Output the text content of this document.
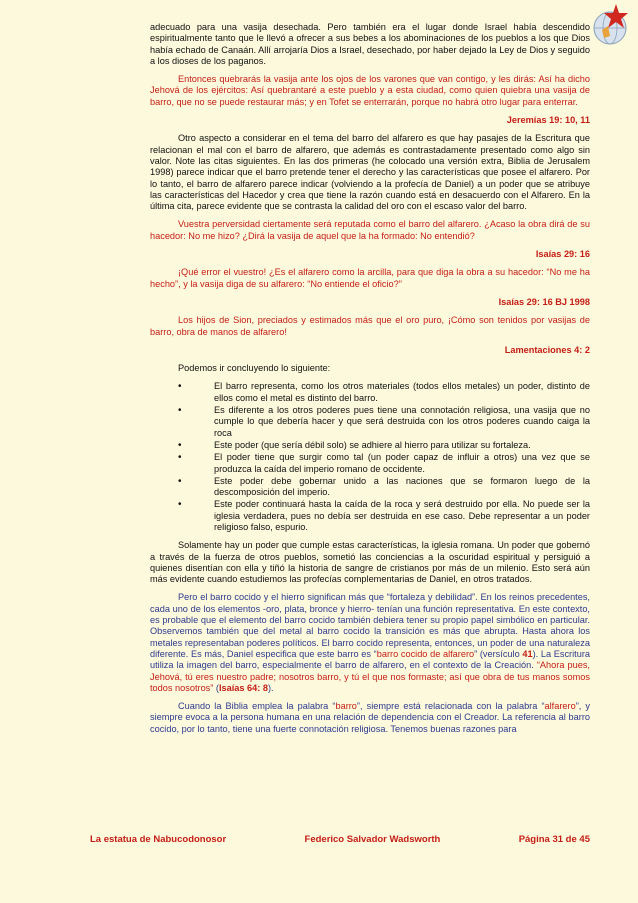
adecuado para una vasija desechada. Pero también era el lugar donde Israel había descendido espiritualmente tanto que le llevó a ofrecer a sus bebes a los abominaciones de los pueblos a los que Dios había echado de Canaán. Allí arrojaría Dios a Israel, desechado, por haber dejado la Ley de Dios y seguido a los dioses de los paganos.

Entonces quebrarás la vasija ante los ojos de los varones que van contigo, y les dirás: Así ha dicho Jehová de los ejércitos: Así quebrantaré a este pueblo y a esta ciudad, como quien quiebra una vasija de barro, que no se puede restaurar más; y en Tofet se enterrarán, porque no habrá otro lugar para enterrar.

Jeremías 19: 10, 11

Otro aspecto a considerar en el tema del barro del alfarero es que hay pasajes de la Escritura que relacionan el mal con el barro de alfarero, que además es contrastadamente presentado como algo sin valor. Note las citas siguientes. En las dos primeras (he colocado una versión extra, Biblia de Jerusalem 1998) parece indicar que el barro pretende tener el derecho y las características que posee el alfarero. Por lo tanto, el barro de alfarero parece indicar (volviendo a la profecía de Daniel) a un poder que se atribuye las características del Hacedor y crea que tiene la razón cuando está en desacuerdo con el Alfarero. En la última cita, parece evidente que se contrasta la calidad del oro con el escaso valor del barro.

Vuestra perversidad ciertamente será reputada como el barro del alfarero. ¿Acaso la obra dirá de su hacedor: No me hizo? ¿Dirá la vasija de aquel que la ha formado: No entendió?

Isaías 29: 16

¡Qué error el vuestro! ¿Es el alfarero como la arcilla, para que diga la obra a su hacedor: “No me ha hecho”, y la vasija diga de su alfarero: “No entiende el oficio?”

Isaías 29: 16 BJ 1998

Los hijos de Sion, preciados y estimados más que el oro puro, ¡Cómo son tenidos por vasijas de barro, obra de manos de alfarero!

Lamentaciones 4: 2

Podemos ir concluyendo lo siguiente:

• El barro representa, como los otros materiales (todos ellos metales) un poder, distinto de ellos como el metal es distinto del barro.
• Es diferente a los otros poderes pues tiene una connotación religiosa, una vasija que no cumple lo que debería hacer y que será destruida con los otros poderes cuando caiga la roca
• Este poder (que sería débil solo) se adhiere al hierro para utilizar su fortaleza.
• El poder tiene que surgir como tal (un poder capaz de influir a otros) una vez que se produzca la caída del imperio romano de occidente.
• Este poder debe gobernar unido a las naciones que se formaron luego de la descomposición del imperio.
• Este poder continuará hasta la caída de la roca y será destruido por ella. No puede ser la iglesia verdadera, pues no debía ser destruida en ese caso. Debe representar a un poder religioso falso, espurio.

Solamente hay un poder que cumple estas características, la iglesia romana. Un poder que gobernó a través de la fuerza de otros pueblos, sometió las conciencias a la oscuridad espiritual y persiguió a quienes disentían con ella y tiñó la historia de sangre de cristianos por más de un milenio. Esto será aún más evidente cuando estudiemos las profecías complementarias de Daniel, en otros tratados.

Pero el barro cocido y el hierro significan más que “fortaleza y debilidad”. En los reinos precedentes, cada uno de los elementos -oro, plata, bronce y hierro- tenían una función representativa. En este contexto, es probable que el elemento del barro cocido también debiera tener su propio papel simbólico en particular. Observemos también que del metal al barro cocido la transición es más que abrupta. Hasta ahora los metales representaban poderes políticos. El barro cocido representa, entonces, un poder de una naturaleza diferente. Es más, Daniel especifica que este barro es “barro cocido de alfarero” (versículo 41). La Escritura utiliza la imagen del barro, especialmente el barro de alfarero, en el contexto de la Creación. “Ahora pues, Jehová, tú eres nuestro padre; nosotros barro, y tú el que nos formaste; así que obra de tus manos somos todos nosotros” (Isaías 64: 8).

Cuando la Biblia emplea la palabra “barro”, siempre está relacionada con la palabra “alfarero”, y siempre evoca a la persona humana en una relación de dependencia con el Creador. La referencia al barro cocido, por lo tanto, tiene una fuerte connotación religiosa. Tenemos buenas razones para

La estatua de Nabucodonosor	Federico Salvador Wadsworth	Página 31 de 45
